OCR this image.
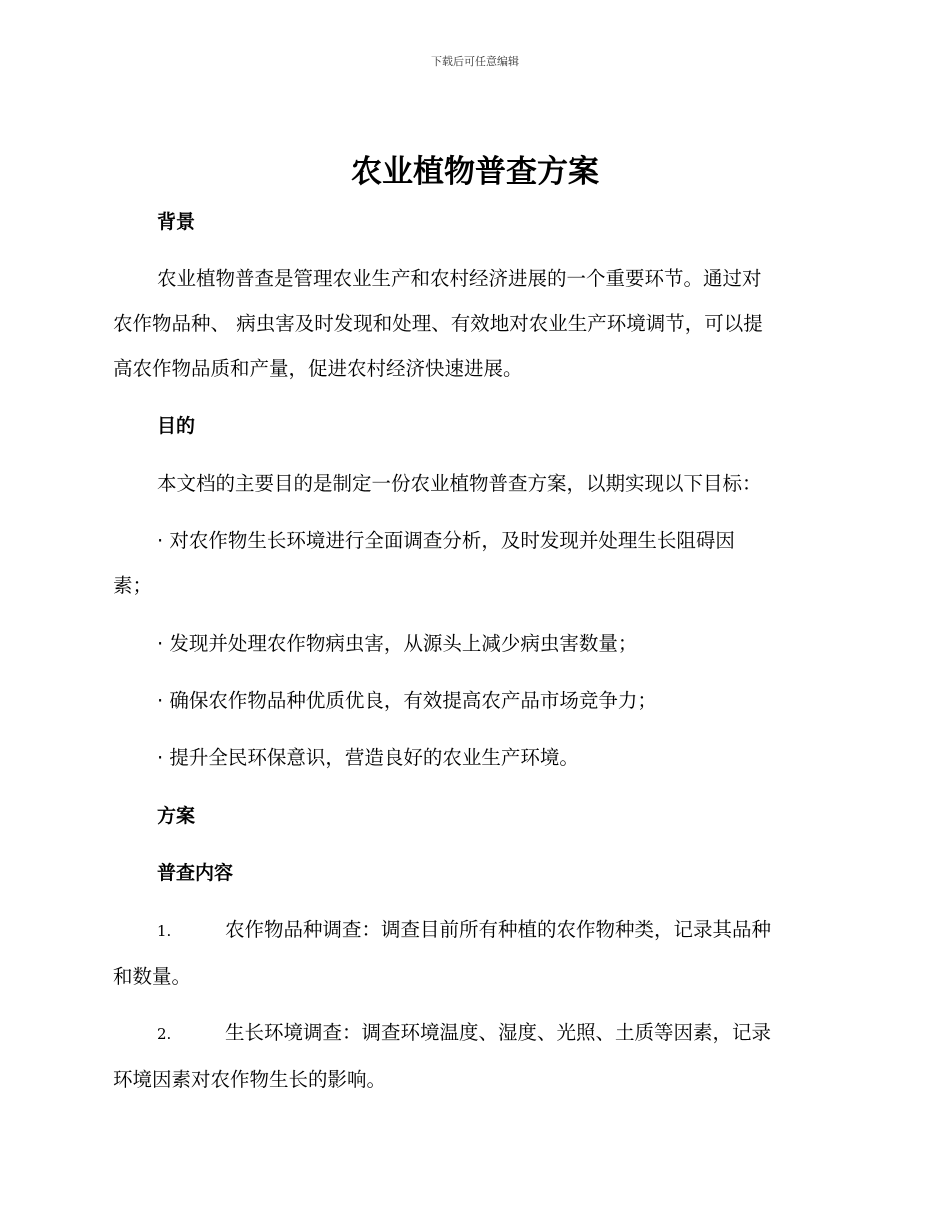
下载后可任意编辑
农业植物普查方案
背景
农业植物普查是管理农业生产和农村经济进展的一个重要环节。通过对
农作物品种、 病虫害及时发现和处理、有效地对农业生产环境调节，可以提
高农作物品质和产量，促进农村经济快速进展。
目的
本文档的主要目的是制定一份农业植物普查方案，以期实现以下目标：
· 对农作物生长环境进行全面调查分析，及时发现并处理生长阻碍因
素；
· 发现并处理农作物病虫害，从源头上减少病虫害数量；
· 确保农作物品种优质优良，有效提高农产品市场竞争力；
· 提升全民环保意识，营造良好的农业生产环境。
方案
普查内容
1.	农作物品种调查：调查目前所有种植的农作物种类，记录其品种
和数量。
2.	生长环境调查：调查环境温度、湿度、光照、土质等因素，记录
环境因素对农作物生长的影响。
